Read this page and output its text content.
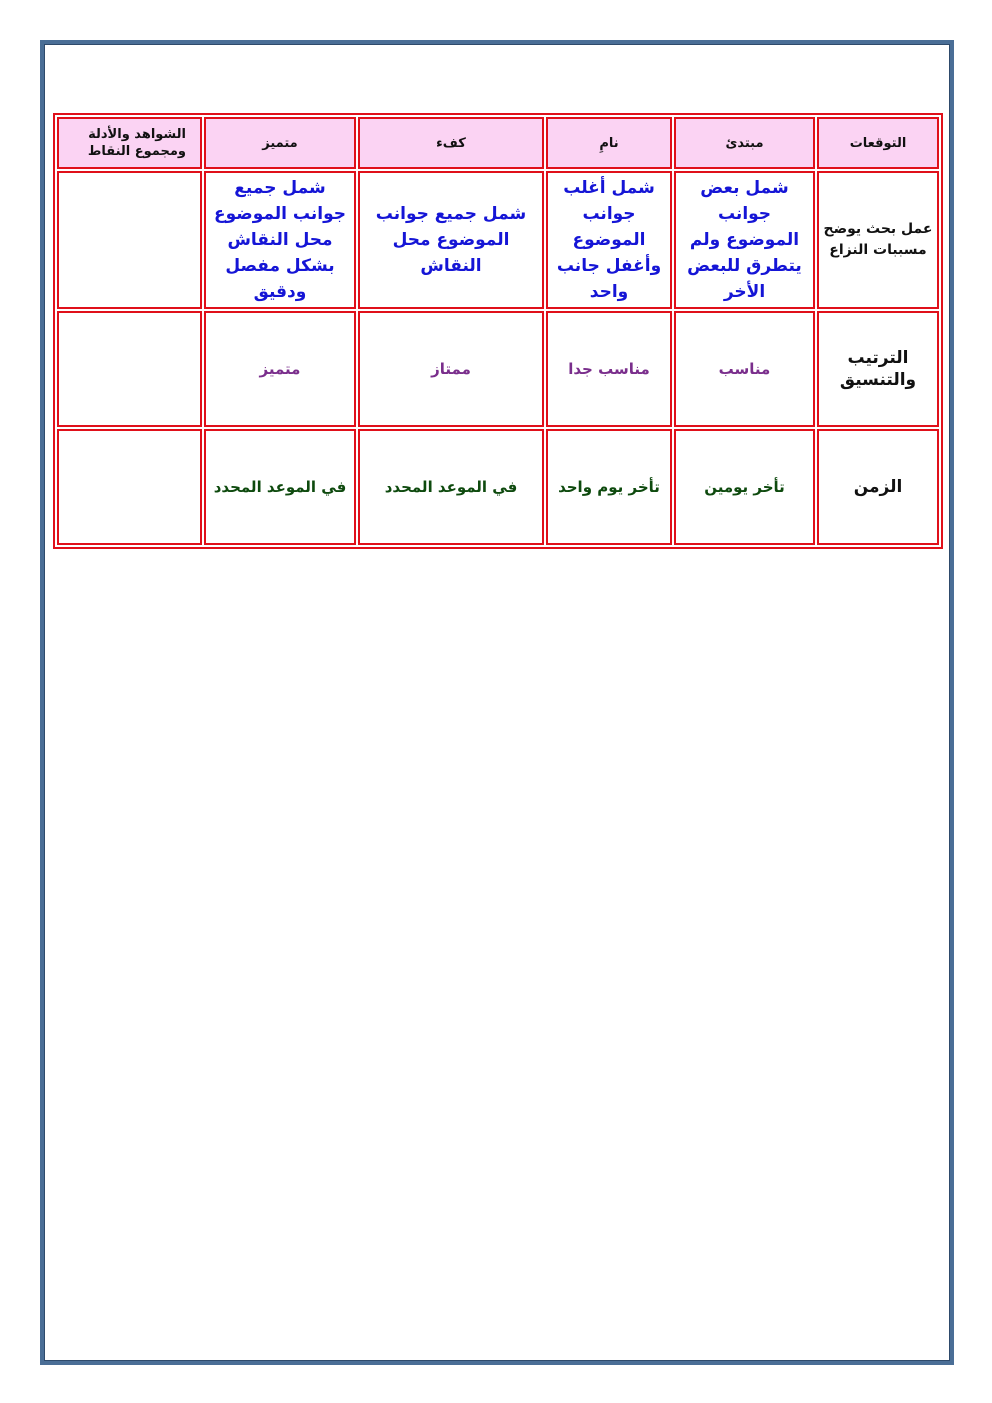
التوقعات	مبتدئ	نامِ	كفء	متميز	الشواهد والأدلة ومجموع النقاط
عمل بحث يوضح مسببات النزاع	شمل بعض جوانب الموضوع ولم يتطرق للبعض الأخر	شمل أغلب جوانب الموضوع وأغفل جانب واحد	شمل جميع جوانب الموضوع محل النقاش	شمل جميع جوانب الموضوع محل النقاش بشكل مفصل ودقيق	
الترتيب والتنسيق	مناسب	مناسب جدا	ممتاز	متميز	
الزمن	تأخر يومين	تأخر يوم واحد	في الموعد المحدد	في الموعد المحدد	
